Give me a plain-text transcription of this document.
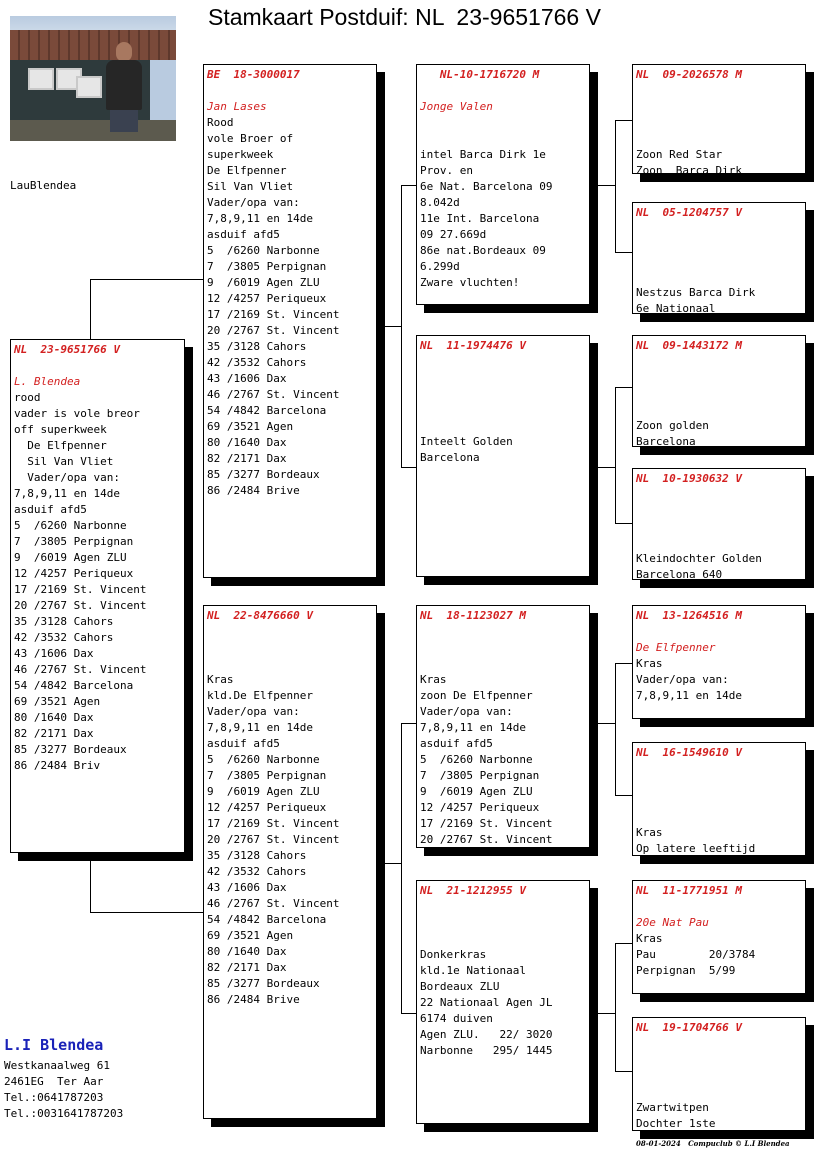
Stamkaart Postduif: NL  23-9651766 V
LauBlendea
NL  23-9651766 V
L. Blendea
rood
vader is vole breor
off superkweek
De Elfpenner
Sil Van Vliet
Vader/opa van:
7,8,9,11 en 14de
asduif afd5
5  /6260 Narbonne
7  /3805 Perpignan
9  /6019 Agen ZLU
12 /4257 Periqueux
17 /2169 St. Vincent
20 /2767 St. Vincent
35 /3128 Cahors
42 /3532 Cahors
43 /1606 Dax
46 /2767 St. Vincent
54 /4842 Barcelona
69 /3521 Agen
80 /1640 Dax
82 /2171 Dax
85 /3277 Bordeaux
86 /2484 Briv
BE  18-3000017
Jan Lases
Rood
vole Broer of
superkweek
De Elfpenner
Sil Van Vliet
Vader/opa van:
7,8,9,11 en 14de
asduif afd5
5  /6260 Narbonne
7  /3805 Perpignan
9  /6019 Agen ZLU
12 /4257 Periqueux
17 /2169 St. Vincent
20 /2767 St. Vincent
35 /3128 Cahors
42 /3532 Cahors
43 /1606 Dax
46 /2767 St. Vincent
54 /4842 Barcelona
69 /3521 Agen
80 /1640 Dax
82 /2171 Dax
85 /3277 Bordeaux
86 /2484 Brive
NL  22-8476660 V
Kras
kld.De Elfpenner
Vader/opa van:
7,8,9,11 en 14de
asduif afd5
5  /6260 Narbonne
7  /3805 Perpignan
9  /6019 Agen ZLU
12 /4257 Periqueux
17 /2169 St. Vincent
20 /2767 St. Vincent
35 /3128 Cahors
42 /3532 Cahors
43 /1606 Dax
46 /2767 St. Vincent
54 /4842 Barcelona
69 /3521 Agen
80 /1640 Dax
82 /2171 Dax
85 /3277 Bordeaux
86 /2484 Brive
NL-10-1716720 M
Jonge Valen
intel Barca Dirk 1e
Prov. en
6e Nat. Barcelona 09
8.042d
11e Int. Barcelona
09 27.669d
86e nat.Bordeaux 09
6.299d
Zware vluchten!
NL  11-1974476 V
Inteelt Golden
Barcelona
NL  18-1123027 M
Kras
zoon De Elfpenner
Vader/opa van:
7,8,9,11 en 14de
asduif afd5
5  /6260 Narbonne
7  /3805 Perpignan
9  /6019 Agen ZLU
12 /4257 Periqueux
17 /2169 St. Vincent
20 /2767 St. Vincent
NL  21-1212955 V
Donkerkras
kld.1e Nationaal
Bordeaux ZLU
22 Nationaal Agen JL
6174 duiven
Agen ZLU.   22/ 3020
Narbonne   295/ 1445
NL  09-2026578 M
Zoon Red Star
Zoon  Barca Dirk
NL  05-1204757 V
Nestzus Barca Dirk
6e Nationaal
NL  09-1443172 M
Zoon golden
Barcelona
NL  10-1930632 V
Kleindochter Golden
Barcelona 640
NL  13-1264516 M
De Elfpenner
Kras
Vader/opa van:
7,8,9,11 en 14de
NL  16-1549610 V
Kras
Op latere leeftijd
NL  11-1771951 M
20e Nat Pau
Kras
Pau        20/3784
Perpignan  5/99
NL  19-1704766 V
Zwartwitpen
Dochter 1ste
L.I Blendea
Westkanaalweg 61
2461EG  Ter Aar
Tel.:0641787203
Tel.:0031641787203
08-01-2024   Compuclub © L.I Blendea
